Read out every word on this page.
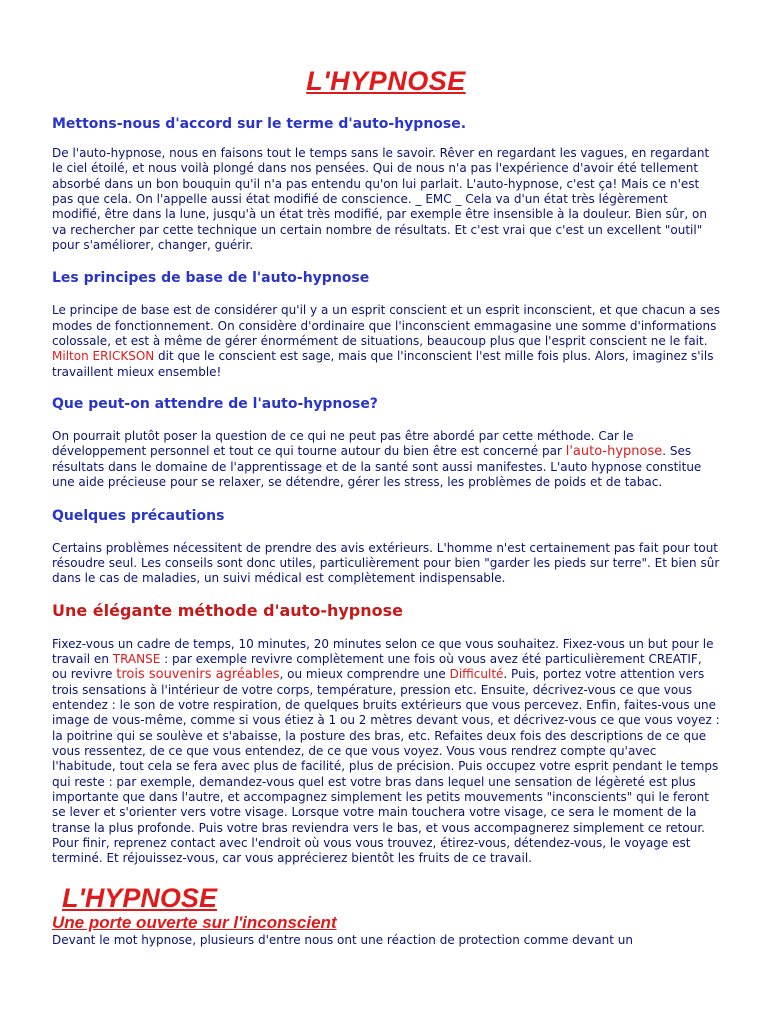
L'HYPNOSE
Mettons-nous d'accord sur le terme d'auto-hypnose.

De l'auto-hypnose, nous en faisons tout le temps sans le savoir. Rêver en regardant les vagues, en regardant le ciel étoilé, et nous voilà plongé dans nos pensées. Qui de nous n'a pas l'expérience d'avoir été tellement absorbé dans un bon bouquin qu'il n'a pas entendu qu'on lui parlait. L'auto-hypnose, c'est ça! Mais ce n'est pas que cela. On l'appelle aussi état modifié de conscience. _ EMC _ Cela va d'un état très légèrement modifié, être dans la lune, jusqu'à un état très modifié, par exemple être insensible à la douleur. Bien sûr, on va rechercher par cette technique un certain nombre de résultats. Et c'est vrai que c'est un excellent "outil" pour s'améliorer, changer, guérir.

Les principes de base de l'auto-hypnose

Le principe de base est de considérer qu'il y a un esprit conscient et un esprit inconscient, et que chacun a ses modes de fonctionnement. On considère d'ordinaire que l'inconscient emmagasine une somme d'informations colossale, et est à même de gérer énormément de situations, beaucoup plus que l'esprit conscient ne le fait. Milton ERICKSON dit que le conscient est sage, mais que l'inconscient l'est mille fois plus. Alors, imaginez s'ils travaillent mieux ensemble!

Que peut-on attendre de l'auto-hypnose?

On pourrait plutôt poser la question de ce qui ne peut pas être abordé par cette méthode. Car le développement personnel et tout ce qui tourne autour du bien être est concerné par l'auto-hypnose. Ses résultats dans le domaine de l'apprentissage et de la santé sont aussi manifestes. L'auto hypnose constitue une aide précieuse pour se relaxer, se détendre, gérer les stress, les problèmes de poids et de tabac.

Quelques précautions

Certains problèmes nécessitent de prendre des avis extérieurs. L'homme n'est certainement pas fait pour tout résoudre seul. Les conseils sont donc utiles, particulièrement pour bien "garder les pieds sur terre". Et bien sûr dans le cas de maladies, un suivi médical est complètement indispensable.

Une élégante méthode d'auto-hypnose

Fixez-vous un cadre de temps, 10 minutes, 20 minutes selon ce que vous souhaitez. Fixez-vous un but pour le travail en TRANSE : par exemple revivre complètement une fois où vous avez été particulièrement CREATIF, ou revivre trois souvenirs agréables, ou mieux comprendre une Difficulté. Puis, portez votre attention vers trois sensations à l'intérieur de votre corps, température, pression etc. Ensuite, décrivez-vous ce que vous entendez : le son de votre respiration, de quelques bruits extérieurs que vous percevez. Enfin, faites-vous une image de vous-même, comme si vous étiez à 1 ou 2 mètres devant vous, et décrivez-vous ce que vous voyez : la poitrine qui se soulève et s'abaisse, la posture des bras, etc. Refaites deux fois des descriptions de ce que vous ressentez, de ce que vous entendez, de ce que vous voyez. Vous vous rendrez compte qu'avec l'habitude, tout cela se fera avec plus de facilité, plus de précision. Puis occupez votre esprit pendant le temps qui reste : par exemple, demandez-vous quel est votre bras dans lequel une sensation de légèreté est plus importante que dans l'autre, et accompagnez simplement les petits mouvements "inconscients" qui le feront se lever et s'orienter vers votre visage. Lorsque votre main touchera votre visage, ce sera le moment de la transe la plus profonde. Puis votre bras reviendra vers le bas, et vous accompagnerez simplement ce retour. Pour finir, reprenez contact avec l'endroit où vous vous trouvez, étirez-vous, détendez-vous, le voyage est terminé. Et réjouissez-vous, car vous apprécierez bientôt les fruits de ce travail.

L'HYPNOSE
Une porte ouverte sur l'inconscient

Devant le mot hypnose, plusieurs d'entre nous ont une réaction de protection comme devant un
